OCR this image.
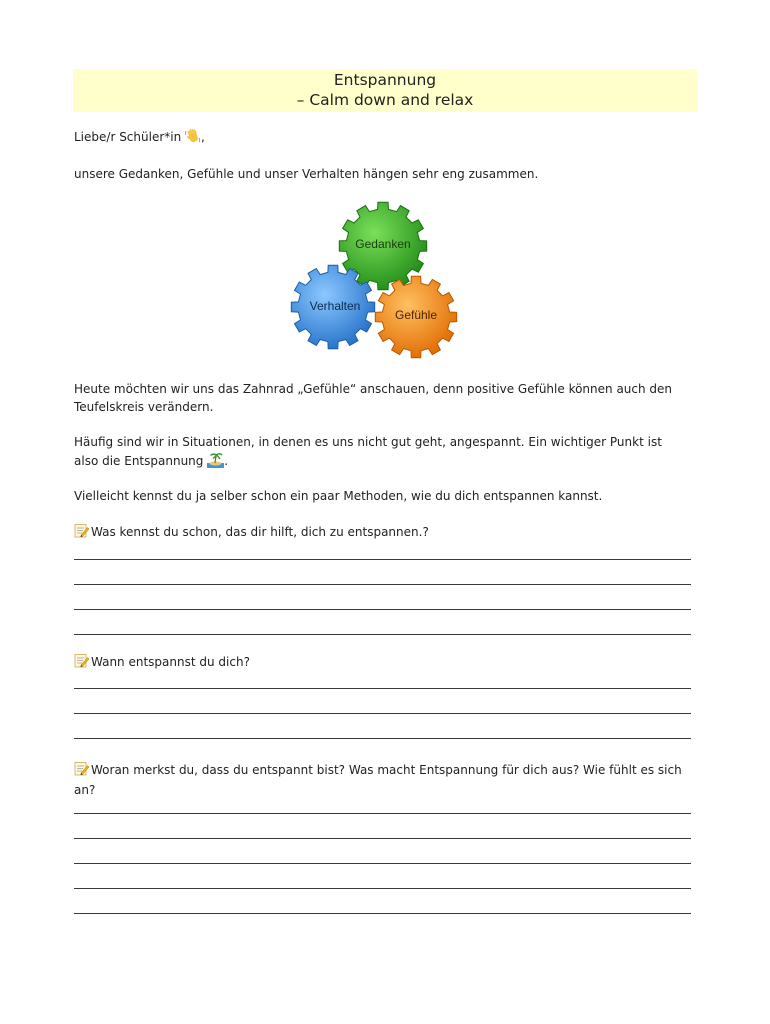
Entspannung
– Calm down and relax
Liebe/r Schüler*in ,
unsere Gedanken, Gefühle und unser Verhalten hängen sehr eng zusammen.
Gedanken
Verhalten
Gefühle
Heute möchten wir uns das Zahnrad „Gefühle“ anschauen, denn positive Gefühle können auch den Teufelskreis verändern.
Häufig sind wir in Situationen, in denen es uns nicht gut geht, angespannt. Ein wichtiger Punkt ist
also die Entspannung .
Vielleicht kennst du ja selber schon ein paar Methoden, wie du dich entspannen kannst.
Was kennst du schon, das dir hilft, dich zu entspannen.?
Wann entspannst du dich?
Woran merkst du, dass du entspannt bist? Was macht Entspannung für dich aus? Wie fühlt es sich an?
